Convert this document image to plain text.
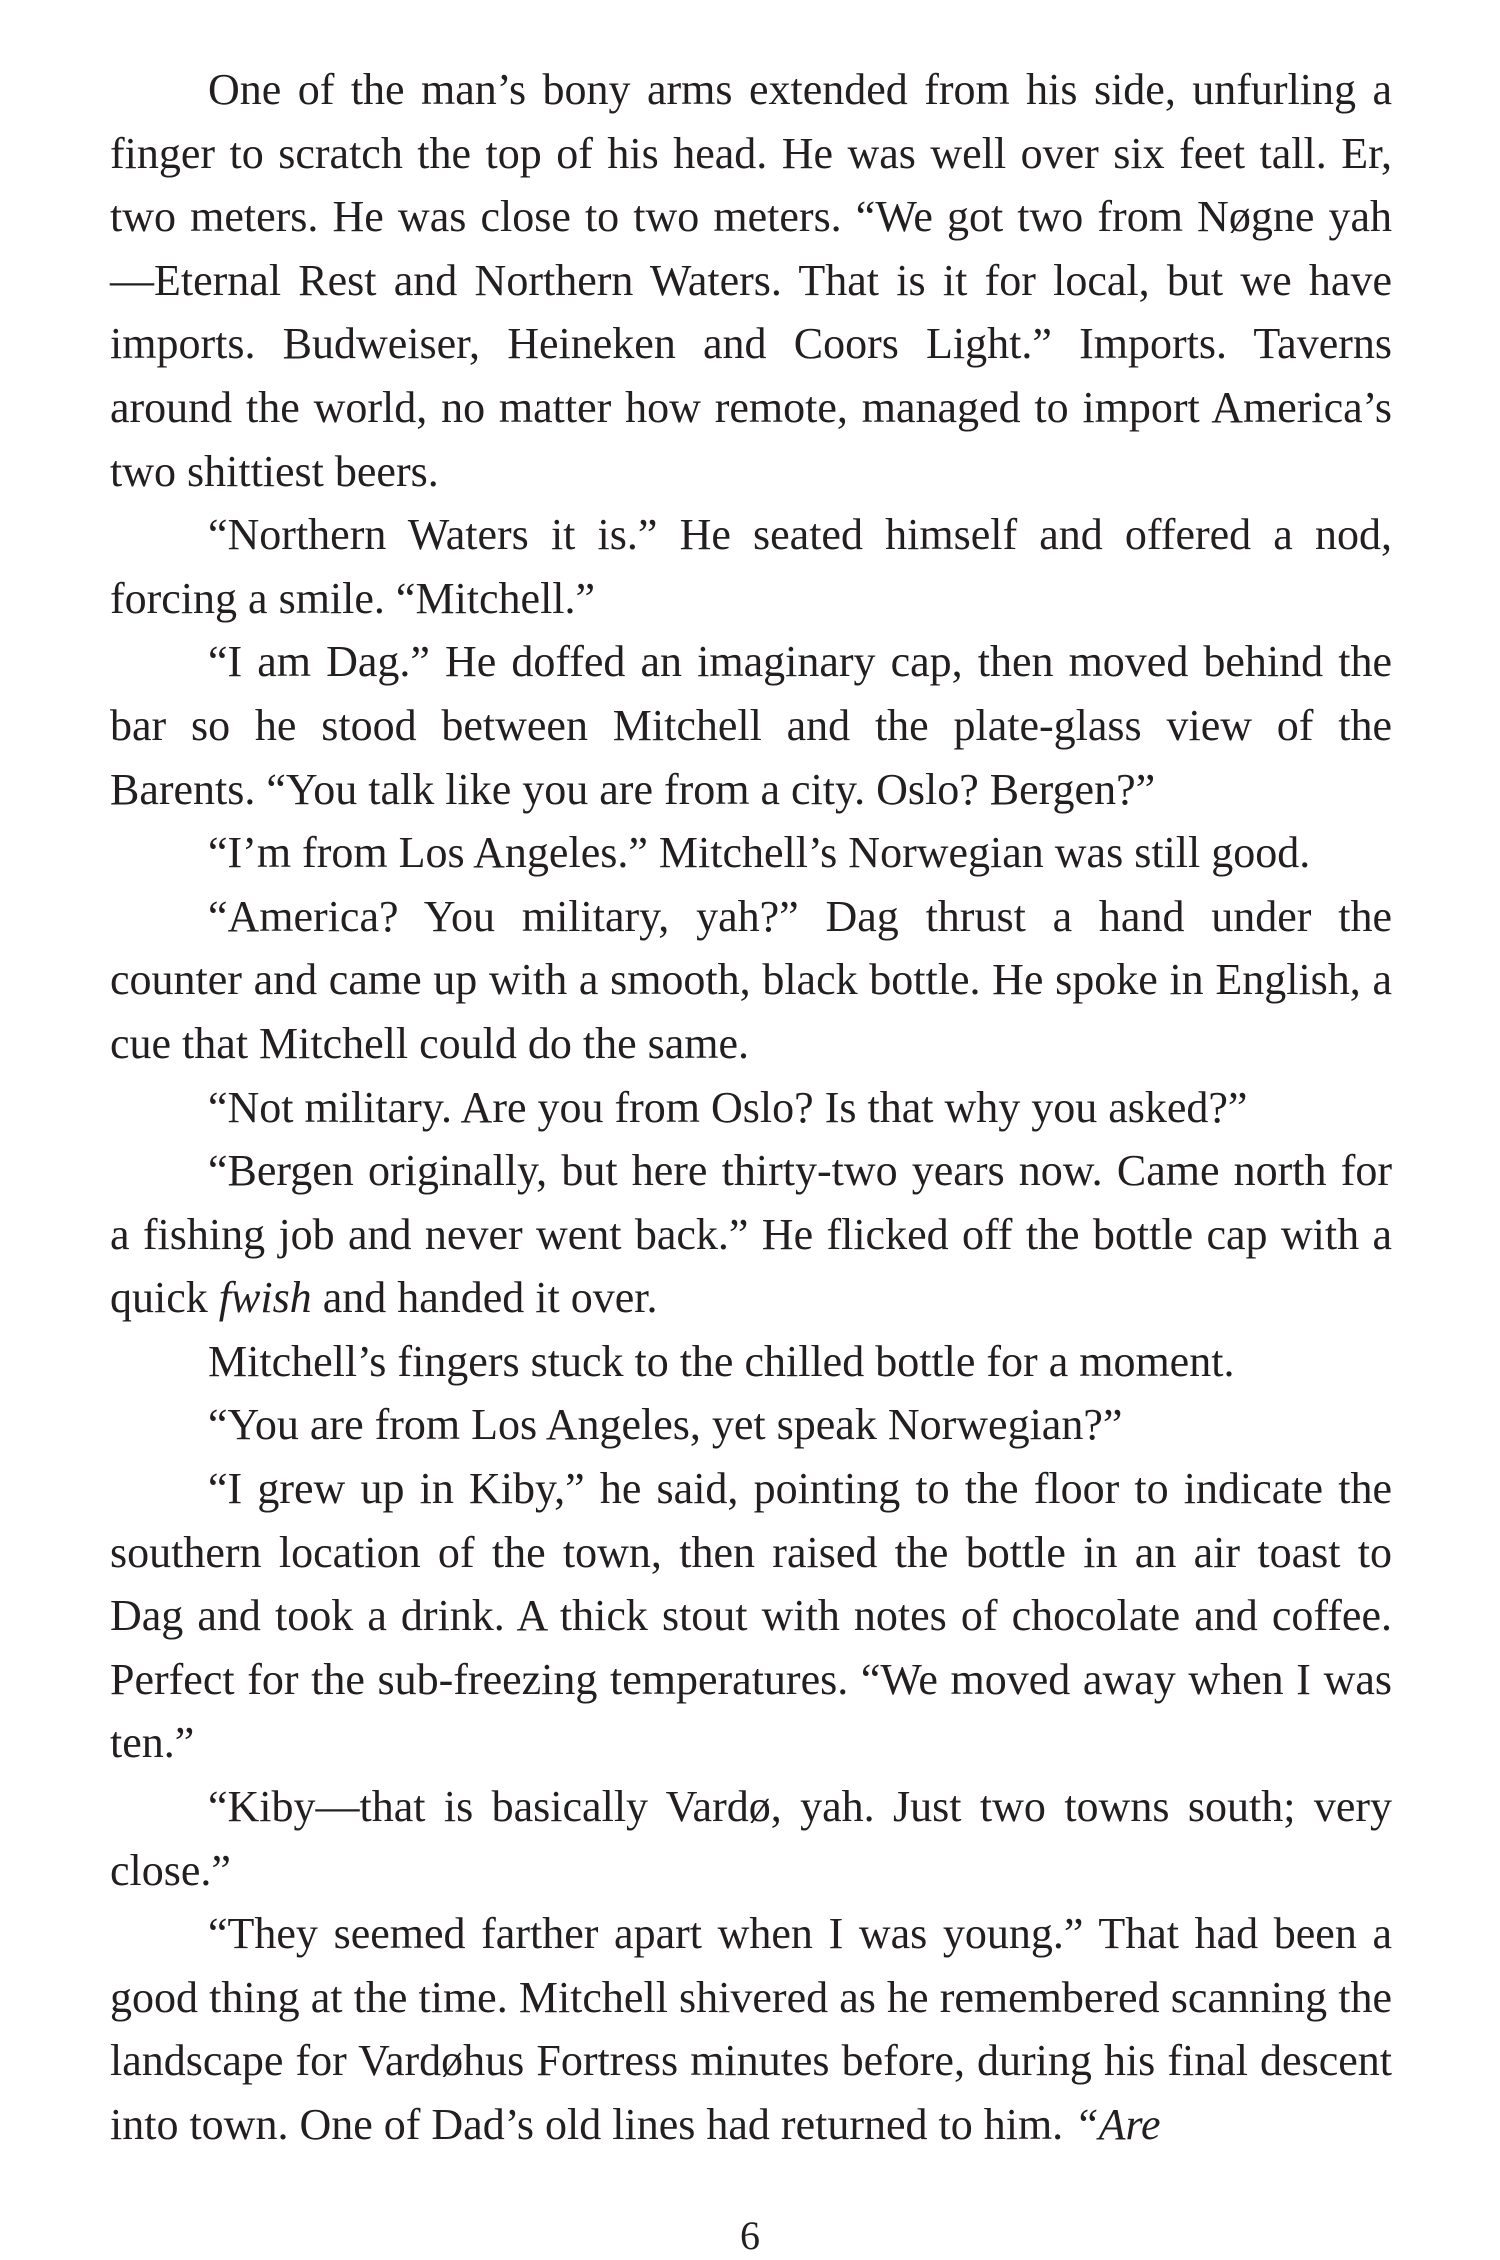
One of the man’s bony arms extended from his side, unfurling a finger to scratch the top of his head. He was well over six feet tall. Er, two meters. He was close to two meters. “We got two from Nøgne yah—Eternal Rest and Northern Waters. That is it for local, but we have imports. Budweiser, Heineken and Coors Light.” Imports. Taverns around the world, no matter how remote, managed to import America’s two shittiest beers.

“Northern Waters it is.” He seated himself and offered a nod, forcing a smile. “Mitchell.”

“I am Dag.” He doffed an imaginary cap, then moved behind the bar so he stood between Mitchell and the plate-glass view of the Barents. “You talk like you are from a city. Oslo? Bergen?”

“I’m from Los Angeles.” Mitchell’s Norwegian was still good.

“America? You military, yah?” Dag thrust a hand under the counter and came up with a smooth, black bottle. He spoke in English, a cue that Mitchell could do the same.

“Not military. Are you from Oslo? Is that why you asked?”

“Bergen originally, but here thirty-two years now. Came north for a fishing job and never went back.” He flicked off the bottle cap with a quick fwish and handed it over.

Mitchell’s fingers stuck to the chilled bottle for a moment.

“You are from Los Angeles, yet speak Norwegian?”

“I grew up in Kiby,” he said, pointing to the floor to indicate the southern location of the town, then raised the bottle in an air toast to Dag and took a drink. A thick stout with notes of chocolate and coffee. Perfect for the sub-freezing temperatures. “We moved away when I was ten.”

“Kiby—that is basically Vardø, yah. Just two towns south; very close.”

“They seemed farther apart when I was young.” That had been a good thing at the time. Mitchell shivered as he remembered scanning the landscape for Vardøhus Fortress minutes before, during his final descent into town. One of Dad’s old lines had returned to him. “Are

6
